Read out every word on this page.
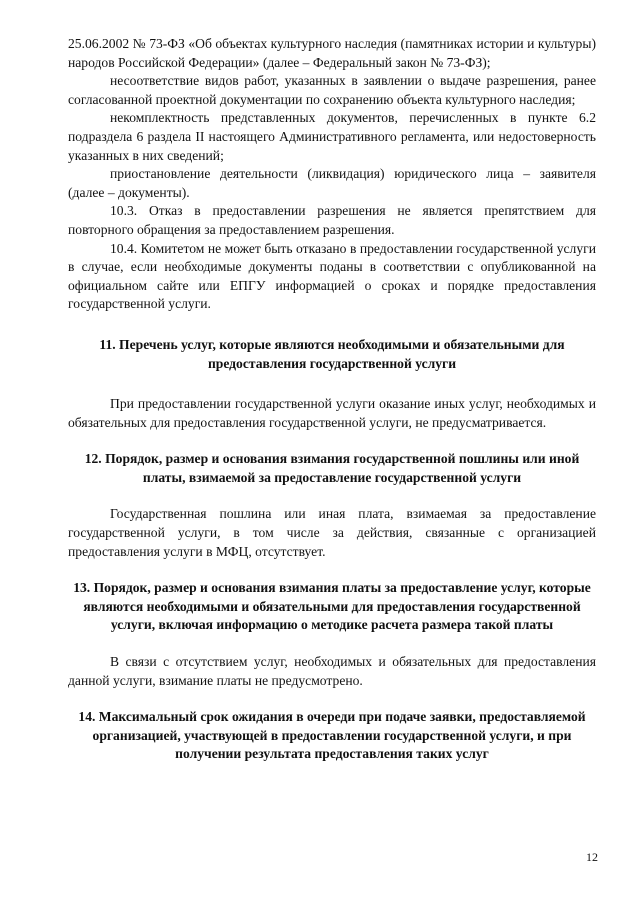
25.06.2002 № 73-ФЗ «Об объектах культурного наследия (памятниках истории и культуры) народов Российской Федерации» (далее – Федеральный закон № 73-ФЗ);

несоответствие видов работ, указанных в заявлении о выдаче разрешения, ранее согласованной проектной документации по сохранению объекта культурного наследия;

некомплектность представленных документов, перечисленных в пункте 6.2 подраздела 6 раздела II настоящего Административного регламента, или недостоверность указанных в них сведений;

приостановление деятельности (ликвидация) юридического лица – заявителя (далее – документы).

10.3. Отказ в предоставлении разрешения не является препятствием для повторного обращения за предоставлением разрешения.

10.4. Комитетом не может быть отказано в предоставлении государственной услуги в случае, если необходимые документы поданы в соответствии с опубликованной на официальном сайте или ЕПГУ информацией о сроках и порядке предоставления государственной услуги.

11. Перечень услуг, которые являются необходимыми и обязательными для предоставления государственной услуги

При предоставлении государственной услуги оказание иных услуг, необходимых и обязательных для предоставления государственной услуги, не предусматривается.

12. Порядок, размер и основания взимания государственной пошлины или иной платы, взимаемой за предоставление государственной услуги

Государственная пошлина или иная плата, взимаемая за предоставление государственной услуги, в том числе за действия, связанные с организацией предоставления услуги в МФЦ, отсутствует.

13. Порядок, размер и основания взимания платы за предоставление услуг, которые являются необходимыми и обязательными для предоставления государственной услуги, включая информацию о методике расчета размера такой платы

В связи с отсутствием услуг, необходимых и обязательных для предоставления данной услуги, взимание платы не предусмотрено.

14. Максимальный срок ожидания в очереди при подаче заявки, предоставляемой организацией, участвующей в предоставлении государственной услуги, и при получении результата предоставления таких услуг

12
